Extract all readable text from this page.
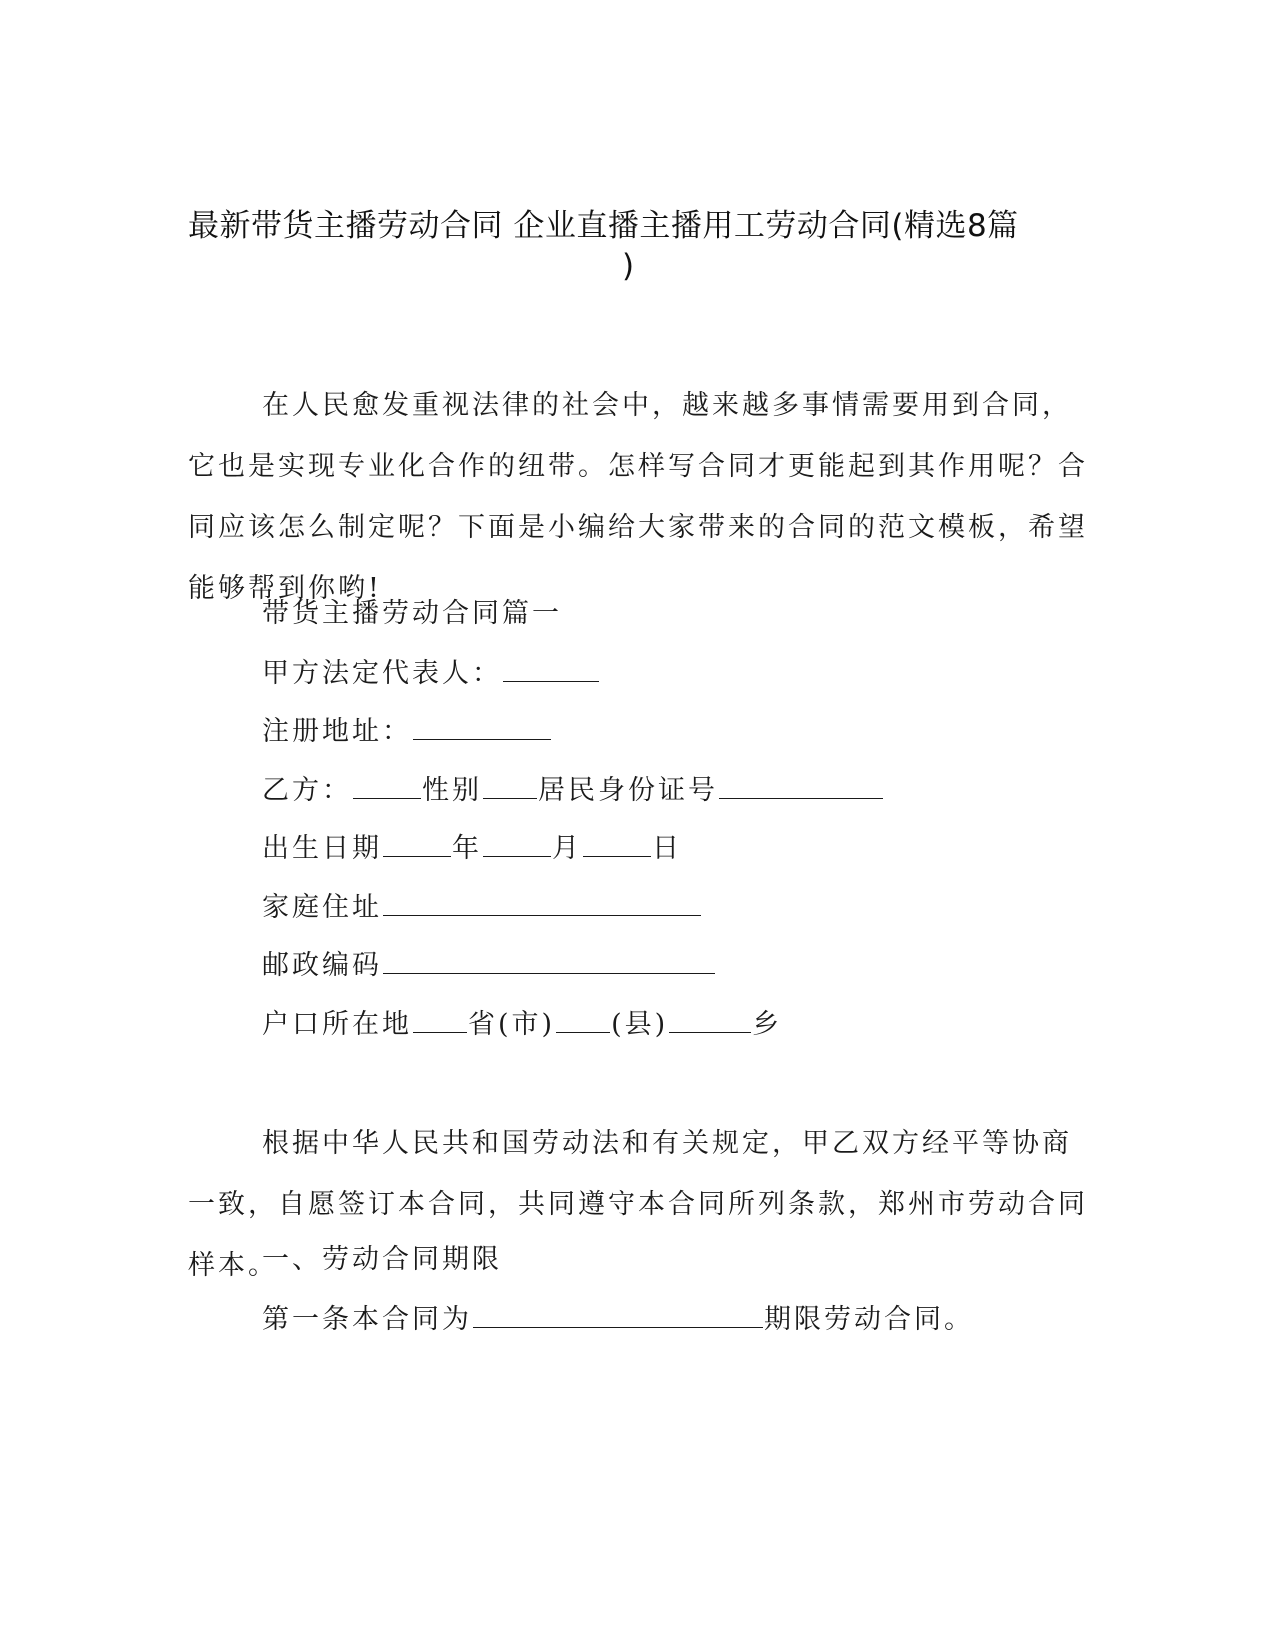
最新带货主播劳动合同 企业直播主播用工劳动合同(精选8篇
)
在人民愈发重视法律的社会中，越来越多事情需要用到合同，它也是实现专业化合作的纽带。怎样写合同才更能起到其作用呢？合同应该怎么制定呢？下面是小编给大家带来的合同的范文模板，希望能够帮到你哟!
带货主播劳动合同篇一
甲方法定代表人：
注册地址：
乙方：	性别 居民身份证号
出生日期	年	月	日
家庭住址
邮政编码
户口所在地 省(市) (县)	乡
根据中华人民共和国劳动法和有关规定，甲乙双方经平等协商一致，自愿签订本合同，共同遵守本合同所列条款，郑州市劳动合同样本。
一、劳动合同期限
第一条本合同为	期限劳动合同。
